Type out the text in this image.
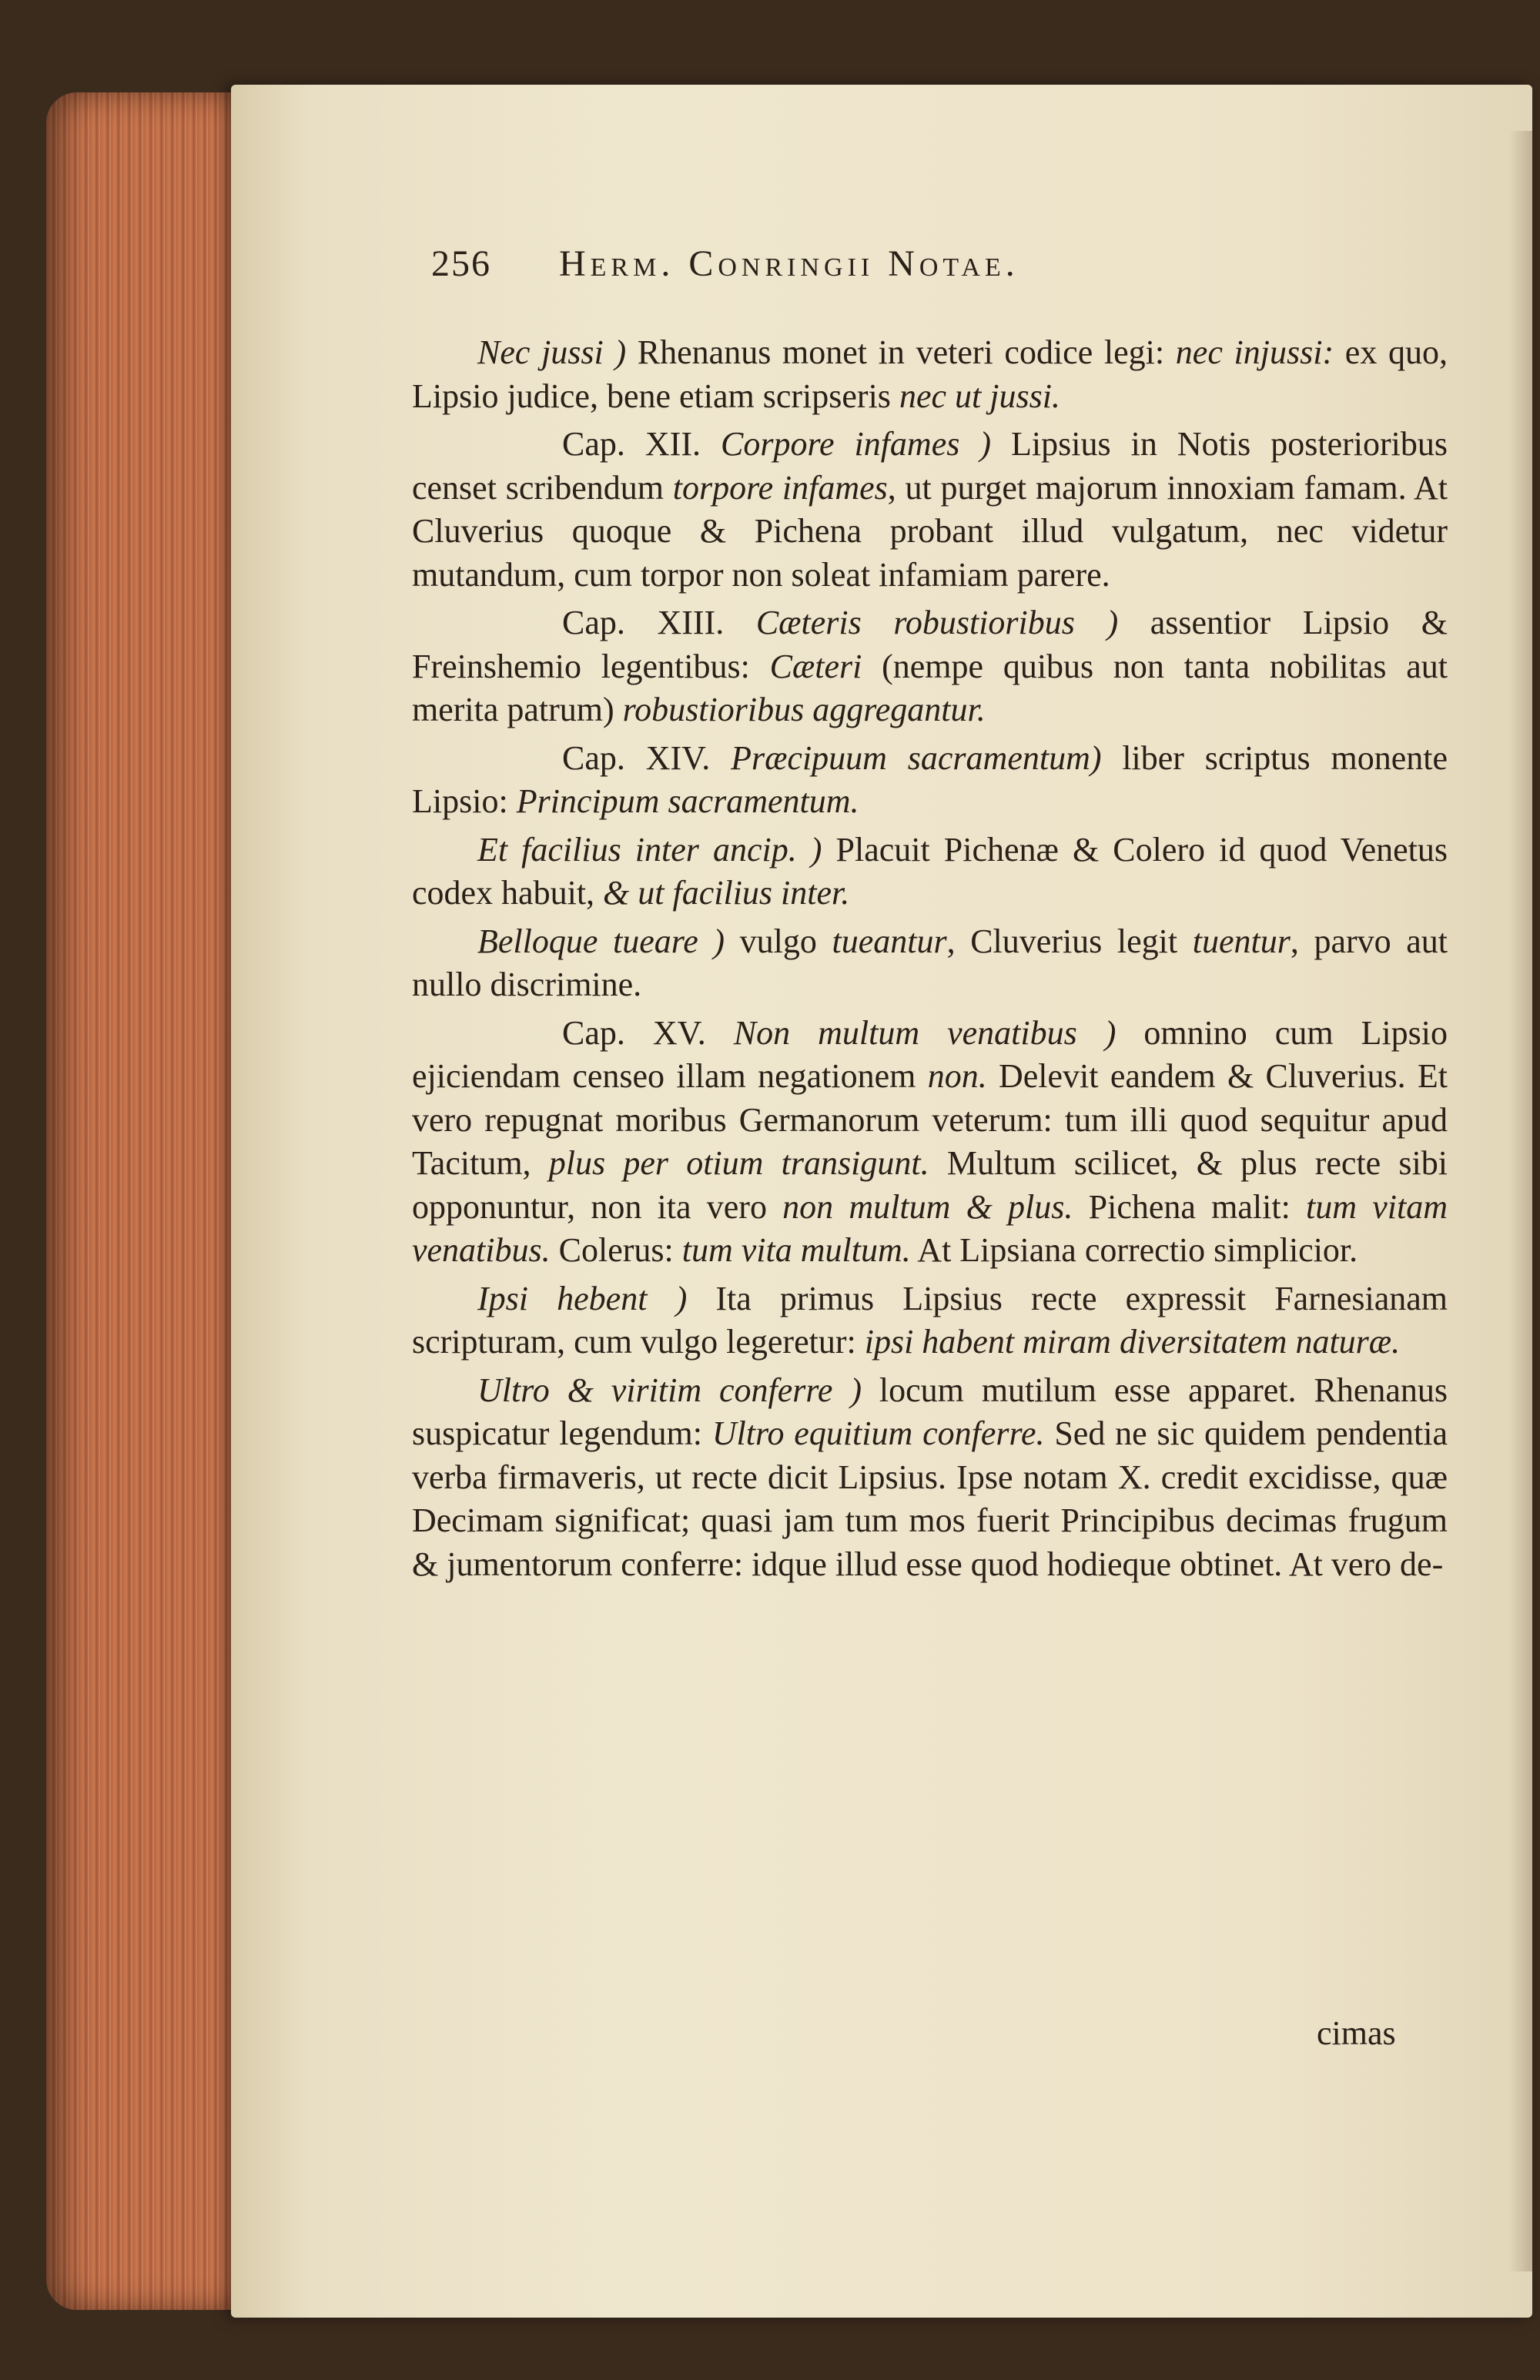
256 Herm. Conringii Notae.

Nec jussi ) Rhenanus monet in veteri codice legi: nec injussi: ex quo, Lipsio judice, bene etiam scripseris nec ut jussi.

Cap. XII. Corpore infames ) Lipsius in Notis posterioribus censet scribendum torpore infames, ut purget majorum innoxiam famam. At Cluverius quoque & Pichena probant illud vulgatum, nec videtur mutandum, cum torpor non soleat infamiam parere.

Cap. XIII. Cæteris robustioribus ) assentior Lipsio & Freinshemio legentibus: Cæteri (nempe quibus non tanta nobilitas aut merita patrum) robustioribus aggregantur.

Cap. XIV. Præcipuum sacramentum) liber scriptus monente Lipsio: Principum sacramentum.

Et facilius inter ancip. ) Placuit Pichenæ & Colero id quod Venetus codex habuit, & ut facilius inter.

Belloque tueare ) vulgo tueantur, Cluverius legit tuentur, parvo aut nullo discrimine.

Cap. XV. Non multum venatibus ) omnino cum Lipsio ejiciendam censeo illam negationem non. Delevit eandem & Cluverius. Et vero repugnat moribus Germanorum veterum: tum illi quod sequitur apud Tacitum, plus per otium transigunt. Multum scilicet, & plus recte sibi opponuntur, non ita vero non multum & plus. Pichena malit: tum vitam venatibus. Colerus: tum vita multum. At Lipsiana correctio simplicior.

Ipsi hebent ) Ita primus Lipsius recte expressit Farnesianam scripturam, cum vulgo legeretur: ipsi habent miram diversitatem naturæ.

Ultro & viritim conferre ) locum mutilum esse apparet. Rhenanus suspicatur legendum: Ultro equitium conferre. Sed ne sic quidem pendentia verba firmaveris, ut recte dicit Lipsius. Ipse notam X. credit excidisse, quæ Decimam significat; quasi jam tum mos fuerit Principibus decimas frugum & jumentorum conferre: idque illud esse quod hodieque obtinet. At vero de-

cimas
